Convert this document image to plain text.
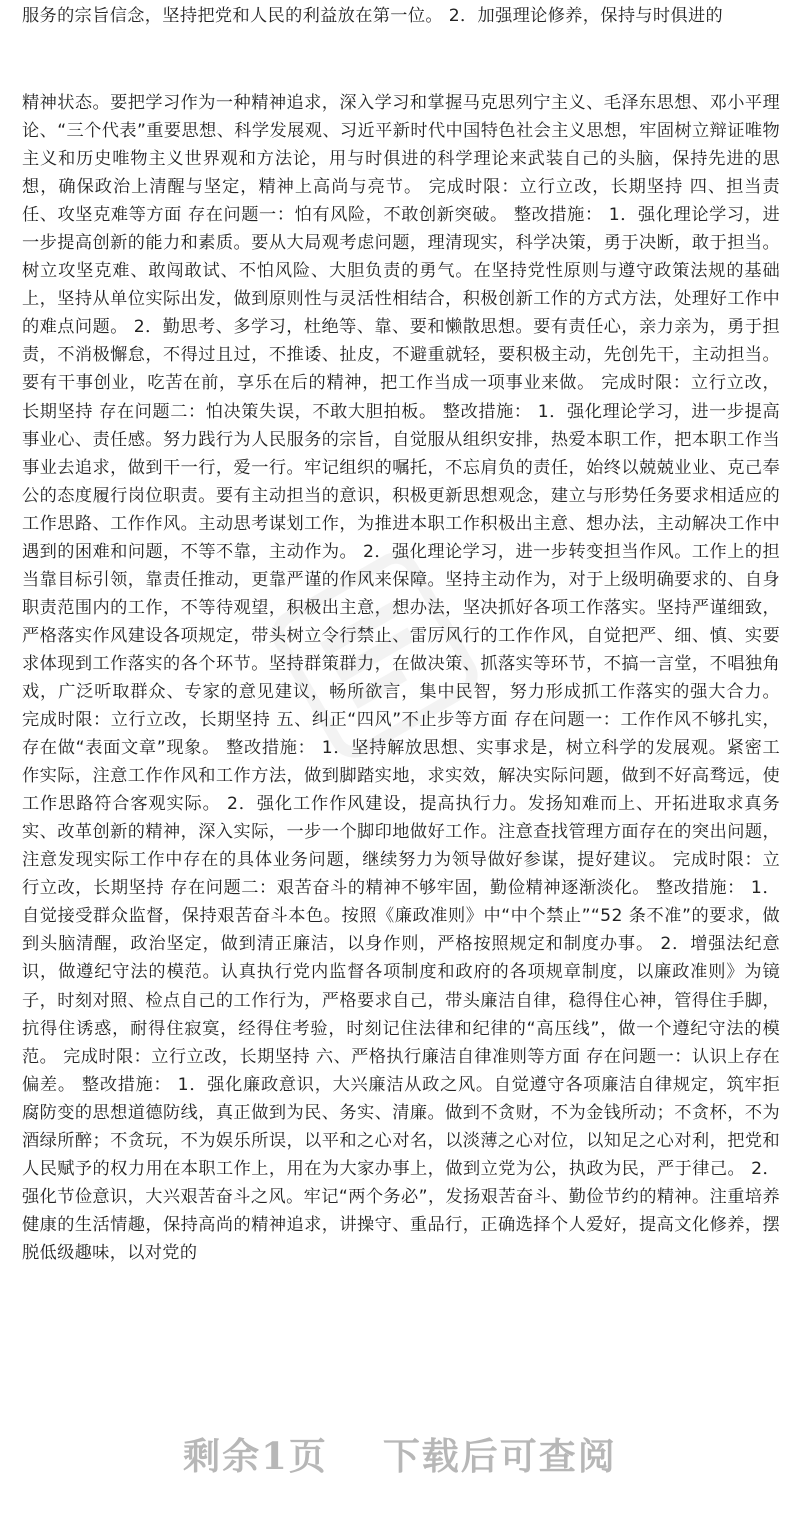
服务的宗旨信念，坚持把党和人民的利益放在第一位。 2．加强理论修养，保持与时俱进的

精神状态。要把学习作为一种精神追求，深入学习和掌握马克思列宁主义、毛泽东思想、邓小平理论、“三个代表”重要思想、科学发展观、习近平新时代中国特色社会主义思想，牢固树立辩证唯物主义和历史唯物主义世界观和方法论，用与时俱进的科学理论来武装自己的头脑，保持先进的思想，确保政治上清醒与坚定，精神上高尚与亮节。 完成时限：立行立改，长期坚持 四、担当责任、攻坚克难等方面 存在问题一：怕有风险，不敢创新突破。 整改措施： 1．强化理论学习，进一步提高创新的能力和素质。要从大局观考虑问题，理清现实，科学决策，勇于决断，敢于担当。树立攻坚克难、敢闯敢试、不怕风险、大胆负责的勇气。在坚持党性原则与遵守政策法规的基础上，坚持从单位实际出发，做到原则性与灵活性相结合，积极创新工作的方式方法，处理好工作中的难点问题。 2．勤思考、多学习，杜绝等、靠、要和懒散思想。要有责任心，亲力亲为，勇于担责，不消极懈怠，不得过且过，不推诿、扯皮，不避重就轻，要积极主动，先创先干，主动担当。要有干事创业，吃苦在前，享乐在后的精神，把工作当成一项事业来做。 完成时限：立行立改，长期坚持 存在问题二：怕决策失误，不敢大胆拍板。 整改措施： 1．强化理论学习，进一步提高事业心、责任感。努力践行为人民服务的宗旨，自觉服从组织安排，热爱本职工作，把本职工作当事业去追求，做到干一行，爱一行。牢记组织的嘱托，不忘肩负的责任，始终以兢兢业业、克己奉公的态度履行岗位职责。要有主动担当的意识，积极更新思想观念，建立与形势任务要求相适应的工作思路、工作作风。主动思考谋划工作，为推进本职工作积极出主意、想办法，主动解决工作中遇到的困难和问题，不等不靠，主动作为。 2．强化理论学习，进一步转变担当作风。工作上的担当靠目标引领，靠责任推动，更靠严谨的作风来保障。坚持主动作为，对于上级明确要求的、自身职责范围内的工作，不等待观望，积极出主意，想办法，坚决抓好各项工作落实。坚持严谨细致，严格落实作风建设各项规定，带头树立令行禁止、雷厉风行的工作作风，自觉把严、细、慎、实要求体现到工作落实的各个环节。坚持群策群力，在做决策、抓落实等环节，不搞一言堂，不唱独角戏，广泛听取群众、专家的意见建议，畅所欲言，集中民智，努力形成抓工作落实的强大合力。 完成时限：立行立改，长期坚持 五、纠正“四风”不止步等方面 存在问题一：工作作风不够扎实，存在做“表面文章”现象。 整改措施： 1．坚持解放思想、实事求是，树立科学的发展观。紧密工作实际，注意工作作风和工作方法，做到脚踏实地，求实效，解决实际问题，做到不好高骛远，使工作思路符合客观实际。 2．强化工作作风建设，提高执行力。发扬知难而上、开拓进取求真务实、改革创新的精神，深入实际，一步一个脚印地做好工作。注意查找管理方面存在的突出问题，注意发现实际工作中存在的具体业务问题，继续努力为领导做好参谋，提好建议。 完成时限：立行立改，长期坚持 存在问题二：艰苦奋斗的精神不够牢固，勤俭精神逐渐淡化。 整改措施： 1．自觉接受群众监督，保持艰苦奋斗本色。按照《廉政准则》中“中个禁止”“52 条不准”的要求，做到头脑清醒，政治坚定，做到清正廉洁，以身作则，严格按照规定和制度办事。 2．增强法纪意识，做遵纪守法的模范。认真执行党内监督各项制度和政府的各项规章制度，以廉政准则》为镜子，时刻对照、检点自己的工作行为，严格要求自己，带头廉洁自律，稳得住心神，管得住手脚，抗得住诱惑，耐得住寂寞，经得住考验，时刻记住法律和纪律的“高压线”，做一个遵纪守法的模范。 完成时限：立行立改，长期坚持 六、严格执行廉洁自律准则等方面 存在问题一：认识上存在偏差。 整改措施： 1．强化廉政意识，大兴廉洁从政之风。自觉遵守各项廉洁自律规定，筑牢拒腐防变的思想道德防线，真正做到为民、务实、清廉。做到不贪财，不为金钱所动；不贪杯，不为酒绿所醉；不贪玩，不为娱乐所误，以平和之心对名，以淡薄之心对位，以知足之心对利，把党和人民赋予的权力用在本职工作上，用在为大家办事上，做到立党为公，执政为民，严于律己。 2．强化节俭意识，大兴艰苦奋斗之风。牢记“两个务必”，发扬艰苦奋斗、勤俭节约的精神。注重培养健康的生活情趣，保持高尚的精神追求，讲操守、重品行，正确选择个人爱好，提高文化修养，摆脱低级趣味，以对党的

剩余1页 下载后可查阅
